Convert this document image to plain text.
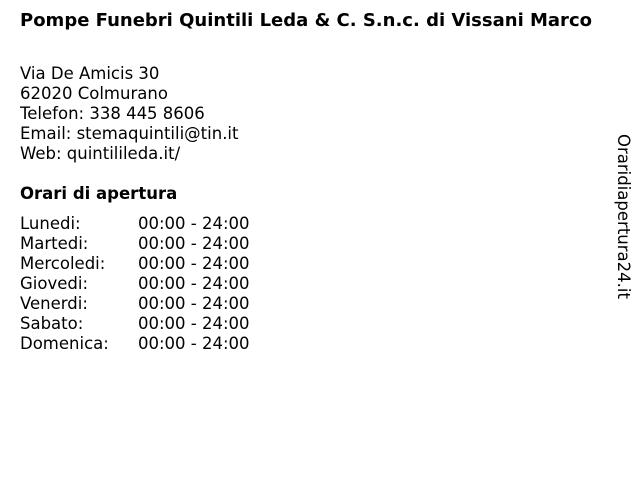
Pompe Funebri Quintili Leda & C. S.n.c. di Vissani Marco
Via De Amicis 30
62020 Colmurano
Telefon: 338 445 8606
Email: stemaquintili@tin.it
Web: quintilileda.it/
Orari di apertura
Lunedi:	00:00 - 24:00
Martedi:	00:00 - 24:00
Mercoledi:	00:00 - 24:00
Giovedi:	00:00 - 24:00
Venerdi:	00:00 - 24:00
Sabato:	00:00 - 24:00
Domenica:	00:00 - 24:00
Oraridiapertura24.it
